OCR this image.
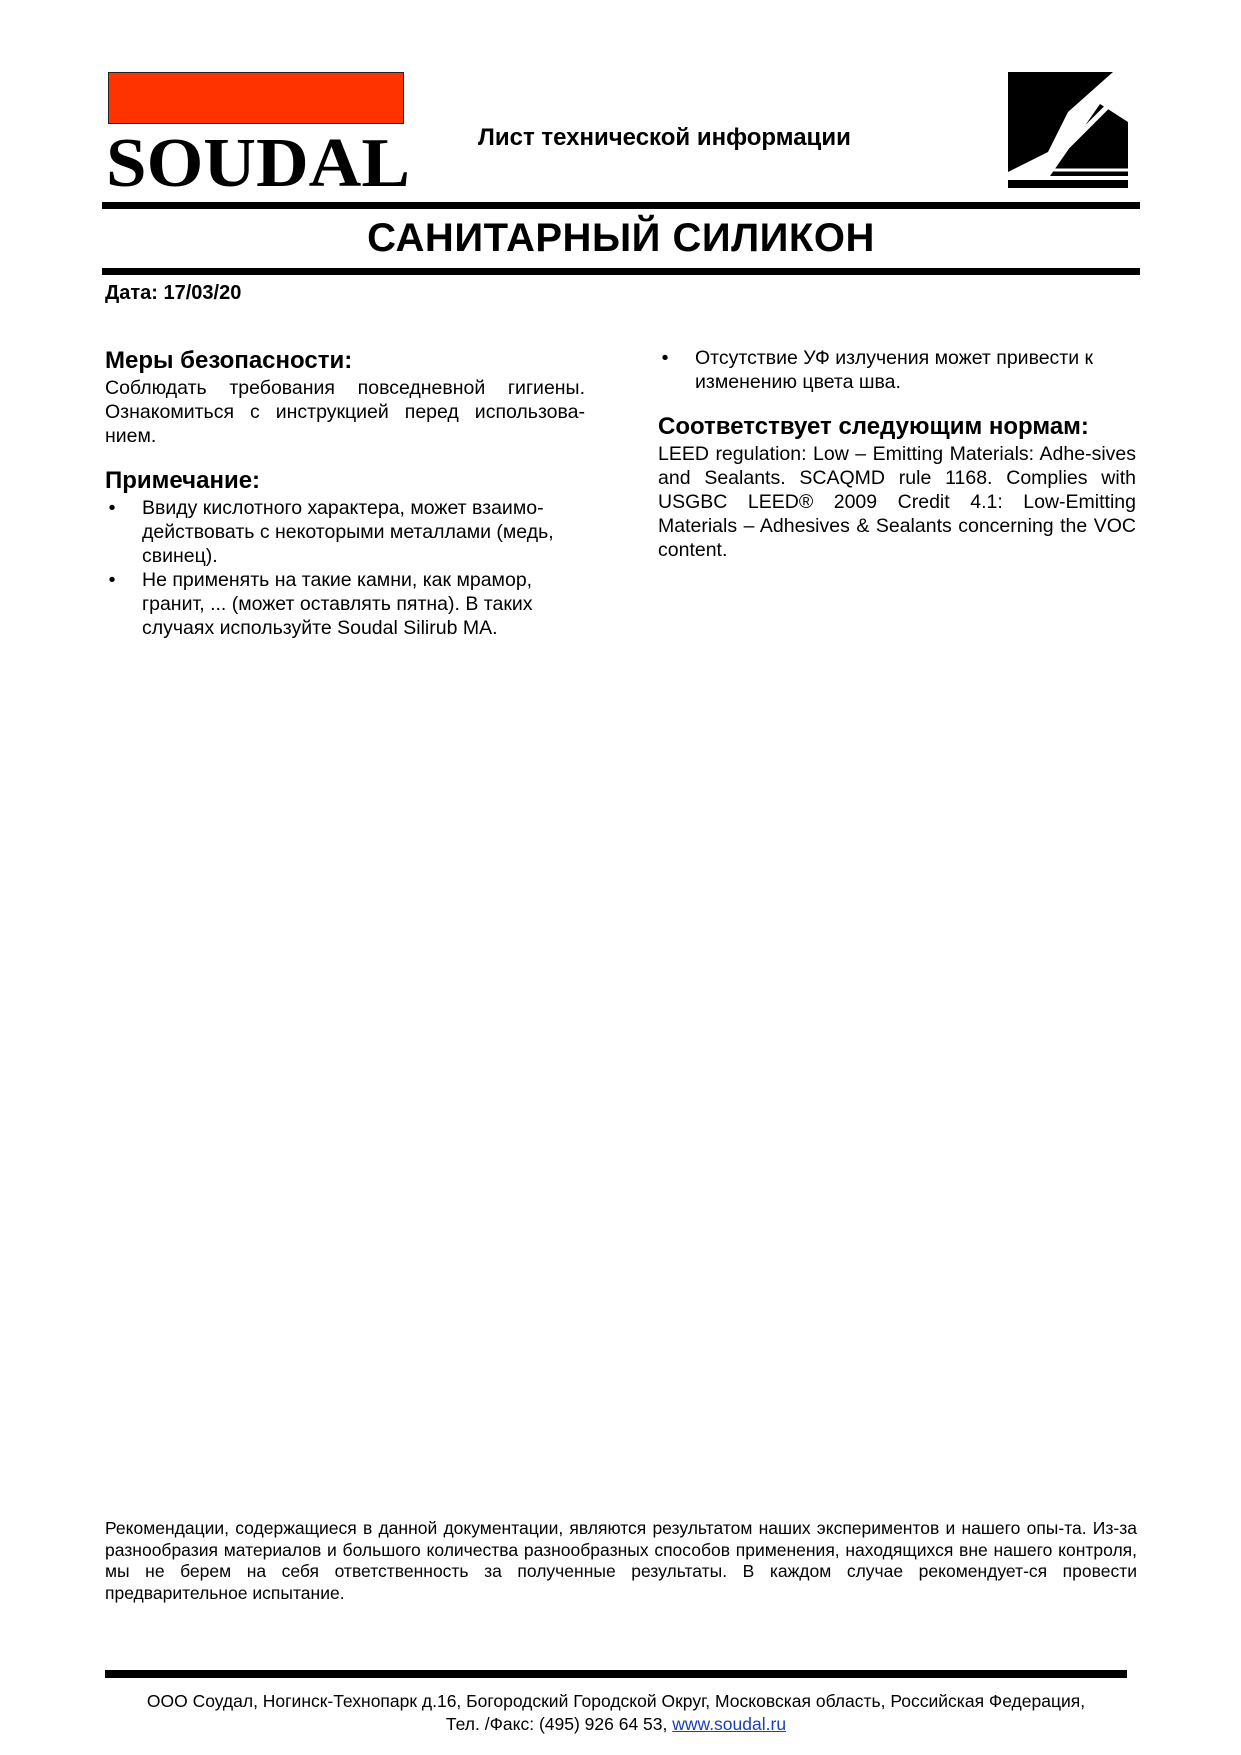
SOUDAL	Лист технической информации
САНИТАРНЫЙ СИЛИКОН
Дата: 17/03/20
Меры безопасности:

Соблюдать требования повседневной гигиены. Ознакомиться с инструкцией перед использова-нием.

Примечание:
• Ввиду кислотного характера, может взаимо-действовать с некоторыми металлами (медь, свинец).
• Не применять на такие камни, как мрамор, гранит, ... (может оставлять пятна). В таких случаях используйте Soudal Silirub MA.
• Отсутствие УФ излучения может привести к изменению цвета шва.
Соответствует следующим нормам:

LEED regulation: Low – Emitting Materials: Adhe-sives and Sealants. SCAQMD rule 1168. Complies with USGBC LEED® 2009 Credit 4.1: Low-Emitting Materials – Adhesives & Sealants concerning the VOC content.

Рекомендации, содержащиеся в данной документации, являются результатом наших экспериментов и нашего опы-та. Из-за разнообразия материалов и большого количества разнообразных способов применения, находящихся вне нашего контроля, мы не берем на себя ответственность за полученные результаты. В каждом случае рекомендует-ся провести предварительное испытание.
ООО Соудал, Ногинск-Технопарк д.16, Богородский Городской Округ, Московская область, Российская Федерация,
Тел. /Факс: (495) 926 64 53, www.soudal.ru
